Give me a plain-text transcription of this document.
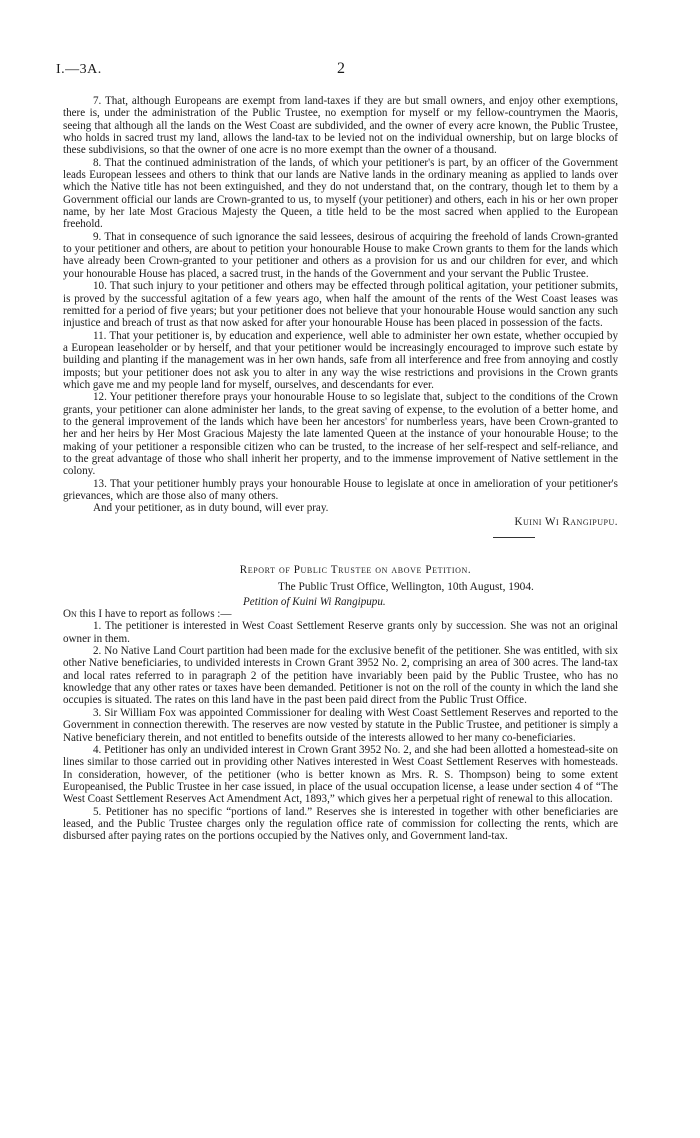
I.—3A.	2

7. That, although Europeans are exempt from land-taxes if they are but small owners, and enjoy other exemptions, there is, under the administration of the Public Trustee, no exemption for myself or my fellow-countrymen the Maoris, seeing that although all the lands on the West Coast are subdivided, and the owner of every acre known, the Public Trustee, who holds in sacred trust my land, allows the land-tax to be levied not on the individual ownership, but on large blocks of these subdivisions, so that the owner of one acre is no more exempt than the owner of a thousand.

8. That the continued administration of the lands, of which your petitioner's is part, by an officer of the Government leads European lessees and others to think that our lands are Native lands in the ordinary meaning as applied to lands over which the Native title has not been extinguished, and they do not understand that, on the contrary, though let to them by a Government official our lands are Crown-granted to us, to myself (your petitioner) and others, each in his or her own proper name, by her late Most Gracious Majesty the Queen, a title held to be the most sacred when applied to the European freehold.

9. That in consequence of such ignorance the said lessees, desirous of acquiring the freehold of lands Crown-granted to your petitioner and others, are about to petition your honourable House to make Crown grants to them for the lands which have already been Crown-granted to your petitioner and others as a provision for us and our children for ever, and which your honourable House has placed, a sacred trust, in the hands of the Government and your servant the Public Trustee.

10. That such injury to your petitioner and others may be effected through political agitation, your petitioner submits, is proved by the successful agitation of a few years ago, when half the amount of the rents of the West Coast leases was remitted for a period of five years; but your petitioner does not believe that your honourable House would sanction any such injustice and breach of trust as that now asked for after your honourable House has been placed in possession of the facts.

11. That your petitioner is, by education and experience, well able to administer her own estate, whether occupied by a European leaseholder or by herself, and that your petitioner would be increasingly encouraged to improve such estate by building and planting if the management was in her own hands, safe from all interference and free from annoying and costly imposts; but your petitioner does not ask you to alter in any way the wise restrictions and provisions in the Crown grants which gave me and my people land for myself, ourselves, and descendants for ever.

12. Your petitioner therefore prays your honourable House to so legislate that, subject to the conditions of the Crown grants, your petitioner can alone administer her lands, to the great saving of expense, to the evolution of a better home, and to the general improvement of the lands which have been her ancestors' for numberless years, have been Crown-granted to her and her heirs by Her Most Gracious Majesty the late lamented Queen at the instance of your honourable House; to the making of your petitioner a responsible citizen who can be trusted, to the increase of her self-respect and self-reliance, and to the great advantage of those who shall inherit her property, and to the immense improvement of Native settlement in the colony.

13. That your petitioner humbly prays your honourable House to legislate at once in amelioration of your petitioner's grievances, which are those also of many others.

And your petitioner, as in duty bound, will ever pray.

Kuini Wi Rangipupu.
Report of Public Trustee on above Petition.
The Public Trust Office, Wellington, 10th August, 1904.
Petition of Kuini Wi Rangipupu.

On this I have to report as follows :—

1. The petitioner is interested in West Coast Settlement Reserve grants only by succession. She was not an original owner in them.

2. No Native Land Court partition had been made for the exclusive benefit of the petitioner. She was entitled, with six other Native beneficiaries, to undivided interests in Crown Grant 3952 No. 2, comprising an area of 300 acres. The land-tax and local rates referred to in paragraph 2 of the petition have invariably been paid by the Public Trustee, who has no knowledge that any other rates or taxes have been demanded. Petitioner is not on the roll of the county in which the land she occupies is situated. The rates on this land have in the past been paid direct from the Public Trust Office.

3. Sir William Fox was appointed Commissioner for dealing with West Coast Settlement Reserves and reported to the Government in connection therewith. The reserves are now vested by statute in the Public Trustee, and petitioner is simply a Native beneficiary therein, and not entitled to benefits outside of the interests allowed to her many co-beneficiaries.

4. Petitioner has only an undivided interest in Crown Grant 3952 No. 2, and she had been allotted a homestead-site on lines similar to those carried out in providing other Natives interested in West Coast Settlement Reserves with homesteads. In consideration, however, of the petitioner (who is better known as Mrs. R. S. Thompson) being to some extent Europeanised, the Public Trustee in her case issued, in place of the usual occupation license, a lease under section 4 of “The West Coast Settlement Reserves Act Amendment Act, 1893,” which gives her a perpetual right of renewal to this allocation.

5. Petitioner has no specific “portions of land.” Reserves she is interested in together with other beneficiaries are leased, and the Public Trustee charges only the regulation office rate of commission for collecting the rents, which are disbursed after paying rates on the portions occupied by the Natives only, and Government land-tax.
